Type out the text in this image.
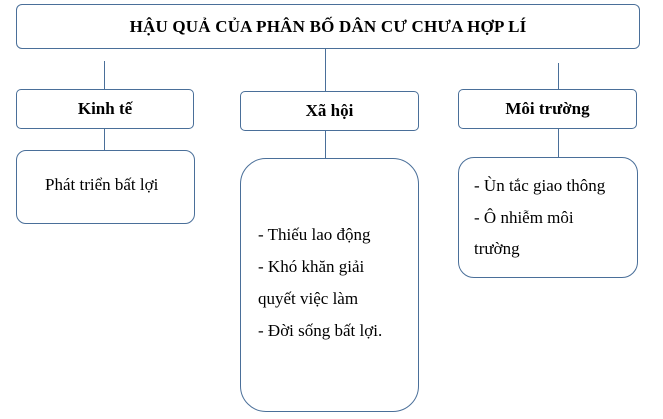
HẬU QUẢ CỦA PHÂN BỐ DÂN CƯ CHƯA HỢP LÍ
Kinh tế	Xã hội	Môi trường
Phát triển bất lợi
- Thiếu lao động
- Khó khăn giải
quyết việc làm
- Đời sống bất lợi.
- Ùn tắc giao thông
- Ô nhiễm môi
trường
